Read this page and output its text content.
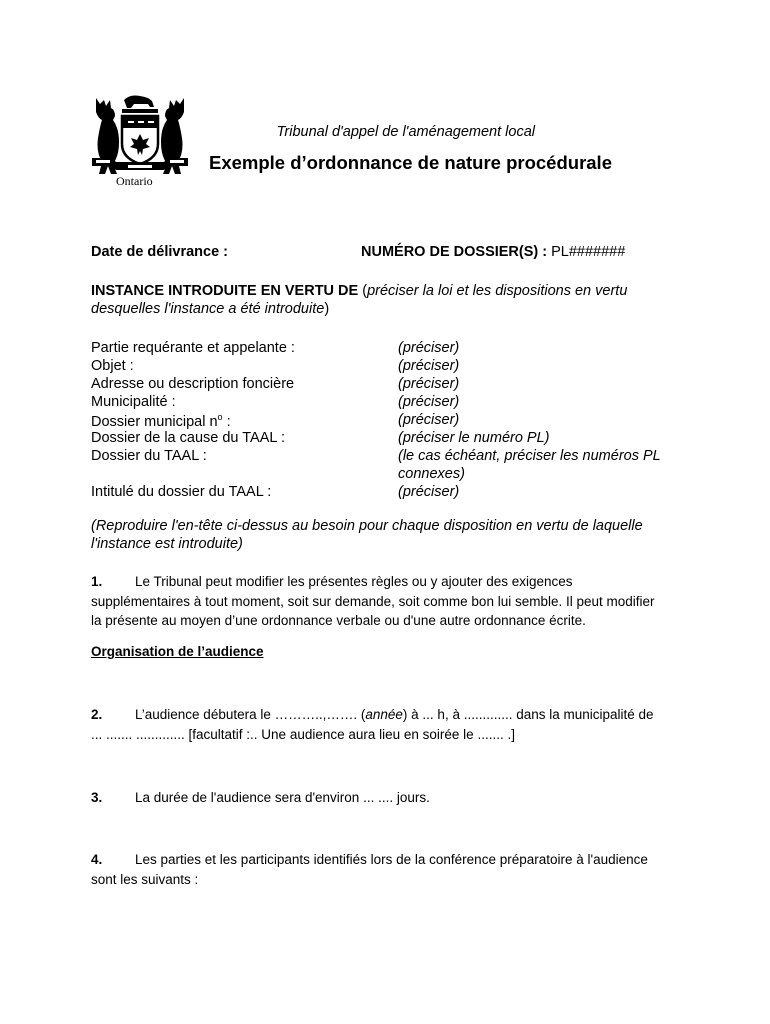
Ontario
Tribunal d'appel de l'aménagement local
Exemple d’ordonnance de nature procédurale
Date de délivrance :	NUMÉRO DE DOSSIER(S) : PL#######
INSTANCE INTRODUITE EN VERTU DE (préciser la loi et les dispositions en vertu
desquelles l'instance a été introduite)
Partie requérante et appelante :	(préciser)
Objet :	(préciser)
Adresse ou description foncière	(préciser)
Municipalité :	(préciser)
Dossier municipal $n^o$ :	(préciser)
Dossier de la cause du TAAL :	(préciser le numéro PL)
Dossier du TAAL :	(le cas échéant, préciser les numéros PL
connexes)
Intitulé du dossier du TAAL :	(préciser)
(Reproduire l'en-tête ci-dessus au besoin pour chaque disposition en vertu de laquelle
l'instance est introduite)
1. Le Tribunal peut modifier les présentes règles ou y ajouter des exigences
supplémentaires à tout moment, soit sur demande, soit comme bon lui semble. Il peut modifier
la présente au moyen d’une ordonnance verbale ou d'une autre ordonnance écrite.
Organisation de l’audience
2. L’audience débutera le ………..,……. (année) à ... h, à ............. dans la municipalité de
... ....... ............. [facultatif :.. Une audience aura lieu en soirée le ....... .]
3. La durée de l'audience sera d'environ ... .... jours.
4. Les parties et les participants identifiés lors de la conférence préparatoire à l'audience
sont les suivants :
